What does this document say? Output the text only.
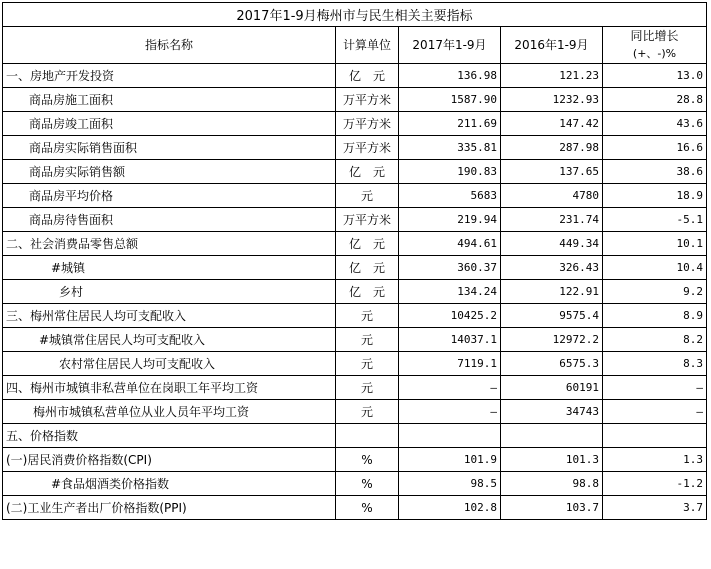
2017年1-9月梅州市与民生相关主要指标				
指标名称	计算单位	2017年1-9月	2016年1-9月	同比增长
(+、-)%

一、房地产开发投资	亿　元	136.98	121.23	13.0
商品房施工面积	万平方米	1587.90	1232.93	28.8
商品房竣工面积	万平方米	211.69	147.42	43.6
商品房实际销售面积	万平方米	335.81	287.98	16.6
商品房实际销售额	亿　元	190.83	137.65	38.6
商品房平均价格	元	5683	4780	18.9
商品房待售面积	万平方米	219.94	231.74	-5.1
二、社会消费品零售总额	亿　元	494.61	449.34	10.1
#城镇	亿　元	360.37	326.43	10.4
乡村	亿　元	134.24	122.91	9.2
三、梅州常住居民人均可支配收入	元	10425.2	9575.4	8.9
#城镇常住居民人均可支配收入	元	14037.1	12972.2	8.2
农村常住居民人均可支配收入	元	7119.1	6575.3	8.3
四、梅州市城镇非私营单位在岗职工年平均工资	元	—	60191	—
梅州市城镇私营单位从业人员年平均工资	元	—	34743	—
五、价格指数				
(一)居民消费价格指数(CPI)	%	101.9	101.3	1.3
#食品烟酒类价格指数	%	98.5	98.8	-1.2
(二)工业生产者出厂价格指数(PPI)	%	102.8	103.7	3.7
